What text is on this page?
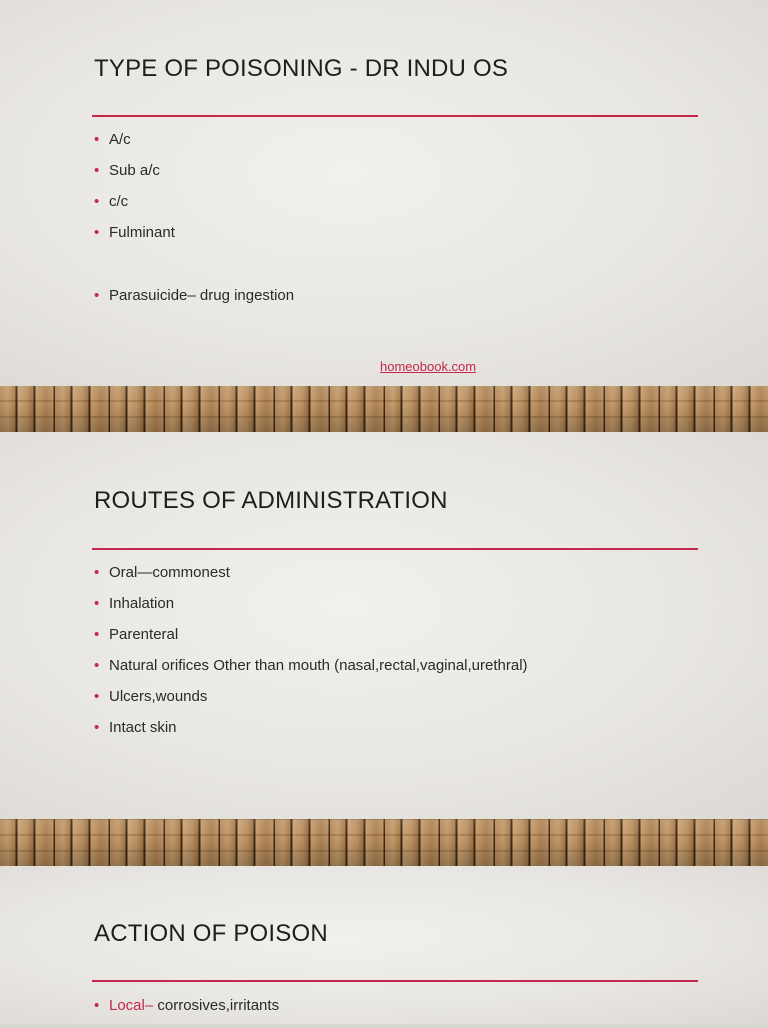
TYPE OF POISONING - DR INDU OS
• A/c
• Sub a/c
• c/c
• Fulminant
• Parasuicide– drug ingestion
homeobook.com
ROUTES OF ADMINISTRATION
• Oral—commonest
• Inhalation
• Parenteral
• Natural orifices Other than mouth (nasal,rectal,vaginal,urethral)
• Ulcers,wounds
• Intact skin
ACTION OF POISON
• Local– corrosives,irritants
